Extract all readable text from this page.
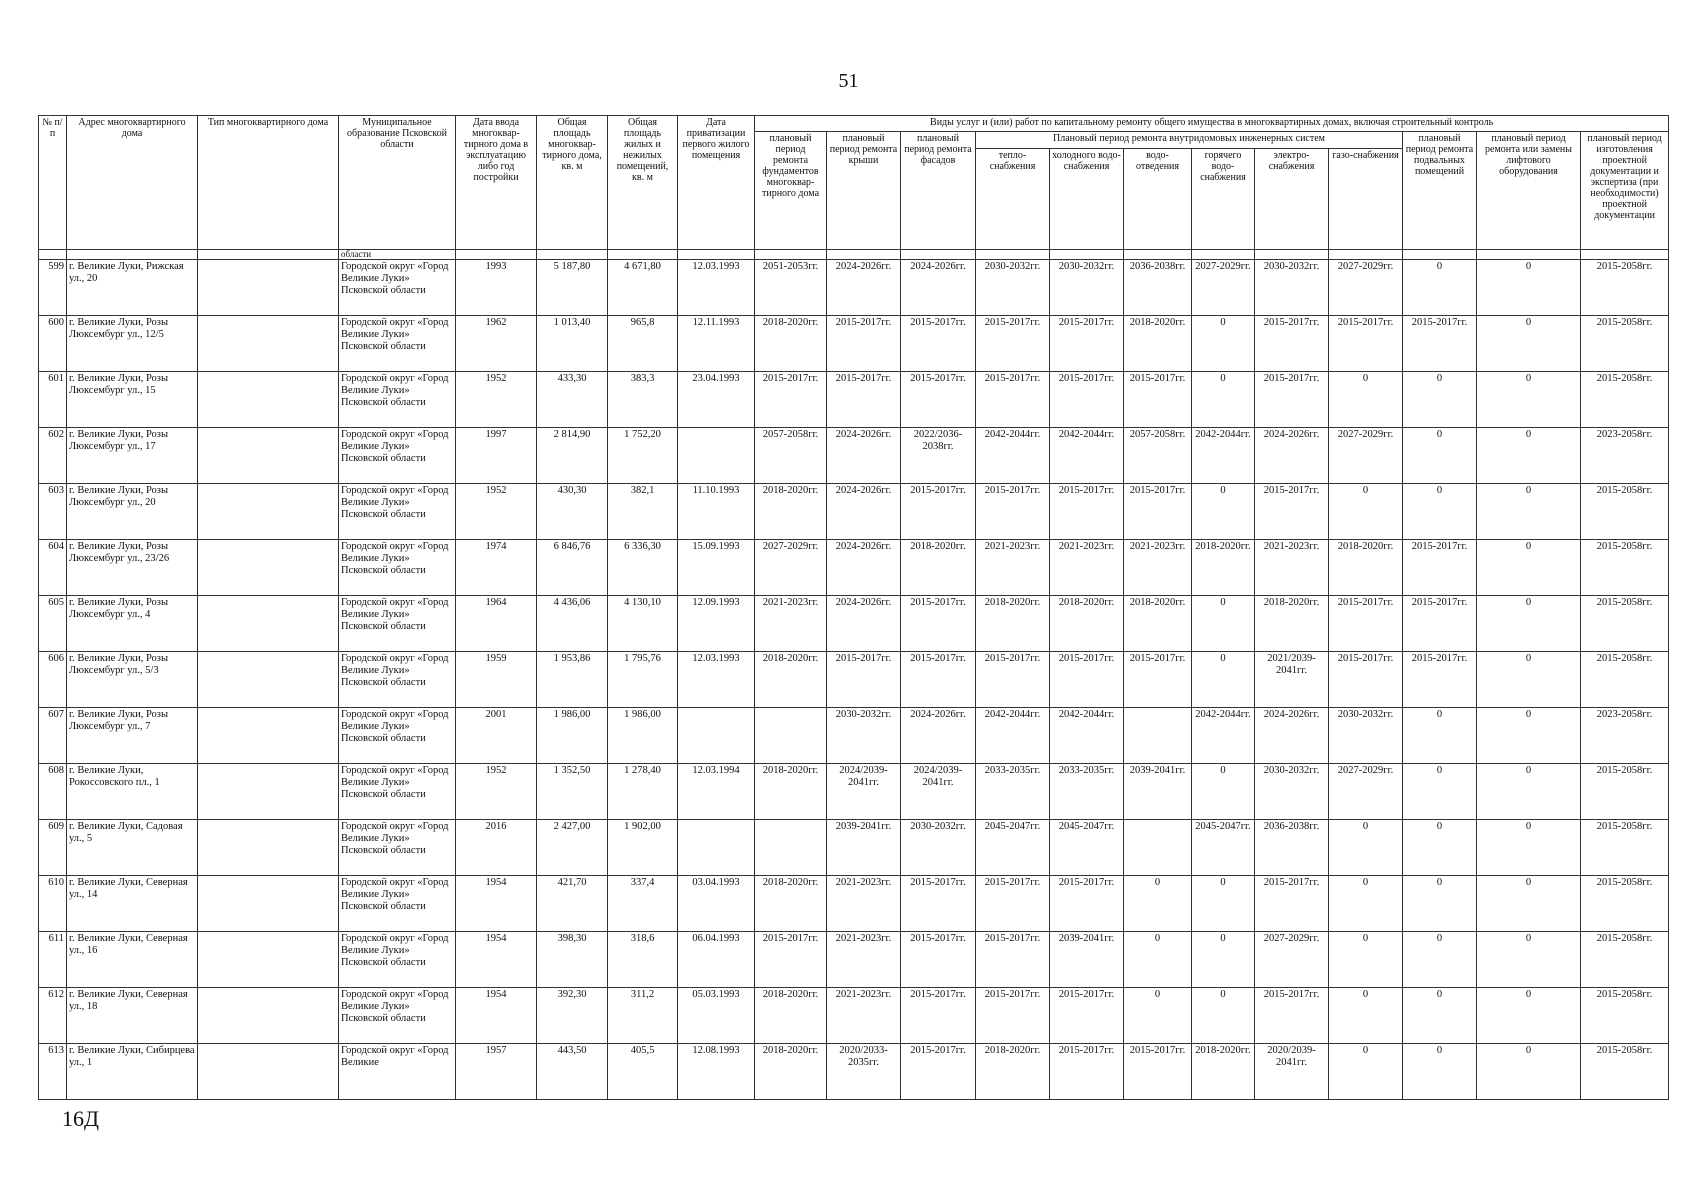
51
№ п/п	Адрес многоквартирного дома	Тип многоквартирного дома	Муниципальное образование Псковской области	Дата ввода многоквар-тирного дома в эксплуатацию либо год постройки	Общая площадь многоквар-тирного дома, кв. м	Общая площадь жилых и нежилых помещений, кв. м	Дата приватизации первого жилого помещения	Виды услуг и (или) работ по капитальному ремонту общего имущества в многоквартирных домах, включая строительный контроль											
								плановый период ремонта фундаментов многоквар-тирного дома	плановый период ремонта крыши	плановый период ремонта фасадов	Плановый период ремонта внутридомовых инженерных систем						плановый период ремонта подвальных помещений	плановый период ремонта или замены лифтового оборудования	плановый период изготовления проектной документации и экспертиза (при необходимости) проектной документации
											тепло-снабжения	холодного водо-снабжения	водо-отведения	горячего водо-снабжения	электро-снабжения	газо-снабжения			
			области																
599	г. Великие Луки, Рижская ул., 20		Городской округ «Город Великие Луки» Псковской области	1993	5 187,80	4 671,80	12.03.1993	2051-2053гг.	2024-2026гг.	2024-2026гг.	2030-2032гг.	2030-2032гг.	2036-2038гг.	2027-2029гг.	2030-2032гг.	2027-2029гг.	0	0	2015-2058гг.
600	г. Великие Луки, Розы Люксембург ул., 12/5		Городской округ «Город Великие Луки» Псковской области	1962	1 013,40	965,8	12.11.1993	2018-2020гг.	2015-2017гг.	2015-2017гг.	2015-2017гг.	2015-2017гг.	2018-2020гг.	0	2015-2017гг.	2015-2017гг.	2015-2017гг.	0	2015-2058гг.
601	г. Великие Луки, Розы Люксембург ул., 15		Городской округ «Город Великие Луки» Псковской области	1952	433,30	383,3	23.04.1993	2015-2017гг.	2015-2017гг.	2015-2017гг.	2015-2017гг.	2015-2017гг.	2015-2017гг.	0	2015-2017гг.	0	0	0	2015-2058гг.
602	г. Великие Луки, Розы Люксембург ул., 17		Городской округ «Город Великие Луки» Псковской области	1997	2 814,90	1 752,20		2057-2058гг.	2024-2026гг.	2022/2036-2038гг.	2042-2044гг.	2042-2044гг.	2057-2058гг.	2042-2044гг.	2024-2026гг.	2027-2029гг.	0	0	2023-2058гг.
603	г. Великие Луки, Розы Люксембург ул., 20		Городской округ «Город Великие Луки» Псковской области	1952	430,30	382,1	11.10.1993	2018-2020гг.	2024-2026гг.	2015-2017гг.	2015-2017гг.	2015-2017гг.	2015-2017гг.	0	2015-2017гг.	0	0	0	2015-2058гг.
604	г. Великие Луки, Розы Люксембург ул., 23/26		Городской округ «Город Великие Луки» Псковской области	1974	6 846,76	6 336,30	15.09.1993	2027-2029гг.	2024-2026гг.	2018-2020гг.	2021-2023гг.	2021-2023гг.	2021-2023гг.	2018-2020гг.	2021-2023гг.	2018-2020гг.	2015-2017гг.	0	2015-2058гг.
605	г. Великие Луки, Розы Люксембург ул., 4		Городской округ «Город Великие Луки» Псковской области	1964	4 436,06	4 130,10	12.09.1993	2021-2023гг.	2024-2026гг.	2015-2017гг.	2018-2020гг.	2018-2020гг.	2018-2020гг.	0	2018-2020гг.	2015-2017гг.	2015-2017гг.	0	2015-2058гг.
606	г. Великие Луки, Розы Люксембург ул., 5/3		Городской округ «Город Великие Луки» Псковской области	1959	1 953,86	1 795,76	12.03.1993	2018-2020гг.	2015-2017гг.	2015-2017гг.	2015-2017гг.	2015-2017гг.	2015-2017гг.	0	2021/2039-2041гг.	2015-2017гг.	2015-2017гг.	0	2015-2058гг.
607	г. Великие Луки, Розы Люксембург ул., 7		Городской округ «Город Великие Луки» Псковской области	2001	1 986,00	1 986,00			2030-2032гг.	2024-2026гг.	2042-2044гг.	2042-2044гг.		2042-2044гг.	2024-2026гг.	2030-2032гг.	0	0	2023-2058гг.
608	г. Великие Луки, Рокоссовского пл., 1		Городской округ «Город Великие Луки» Псковской области	1952	1 352,50	1 278,40	12.03.1994	2018-2020гг.	2024/2039-2041гг.	2024/2039-2041гг.	2033-2035гг.	2033-2035гг.	2039-2041гг.	0	2030-2032гг.	2027-2029гг.	0	0	2015-2058гг.
609	г. Великие Луки, Садовая ул., 5		Городской округ «Город Великие Луки» Псковской области	2016	2 427,00	1 902,00			2039-2041гг.	2030-2032гг.	2045-2047гг.	2045-2047гг.		2045-2047гг.	2036-2038гг.	0	0	0	2015-2058гг.
610	г. Великие Луки, Северная ул., 14		Городской округ «Город Великие Луки» Псковской области	1954	421,70	337,4	03.04.1993	2018-2020гг.	2021-2023гг.	2015-2017гг.	2015-2017гг.	2015-2017гг.	0	0	2015-2017гг.	0	0	0	2015-2058гг.
611	г. Великие Луки, Северная ул., 16		Городской округ «Город Великие Луки» Псковской области	1954	398,30	318,6	06.04.1993	2015-2017гг.	2021-2023гг.	2015-2017гг.	2015-2017гг.	2039-2041гг.	0	0	2027-2029гг.	0	0	0	2015-2058гг.
612	г. Великие Луки, Северная ул., 18		Городской округ «Город Великие Луки» Псковской области	1954	392,30	311,2	05.03.1993	2018-2020гг.	2021-2023гг.	2015-2017гг.	2015-2017гг.	2015-2017гг.	0	0	2015-2017гг.	0	0	0	2015-2058гг.
613	г. Великие Луки, Сибирцева ул., 1		Городской округ «Город Великие	1957	443,50	405,5	12.08.1993	2018-2020гг.	2020/2033-2035гг.	2015-2017гг.	2018-2020гг.	2015-2017гг.	2015-2017гг.	2018-2020гг.	2020/2039-2041гг.	0	0	0	2015-2058гг.
16Д
